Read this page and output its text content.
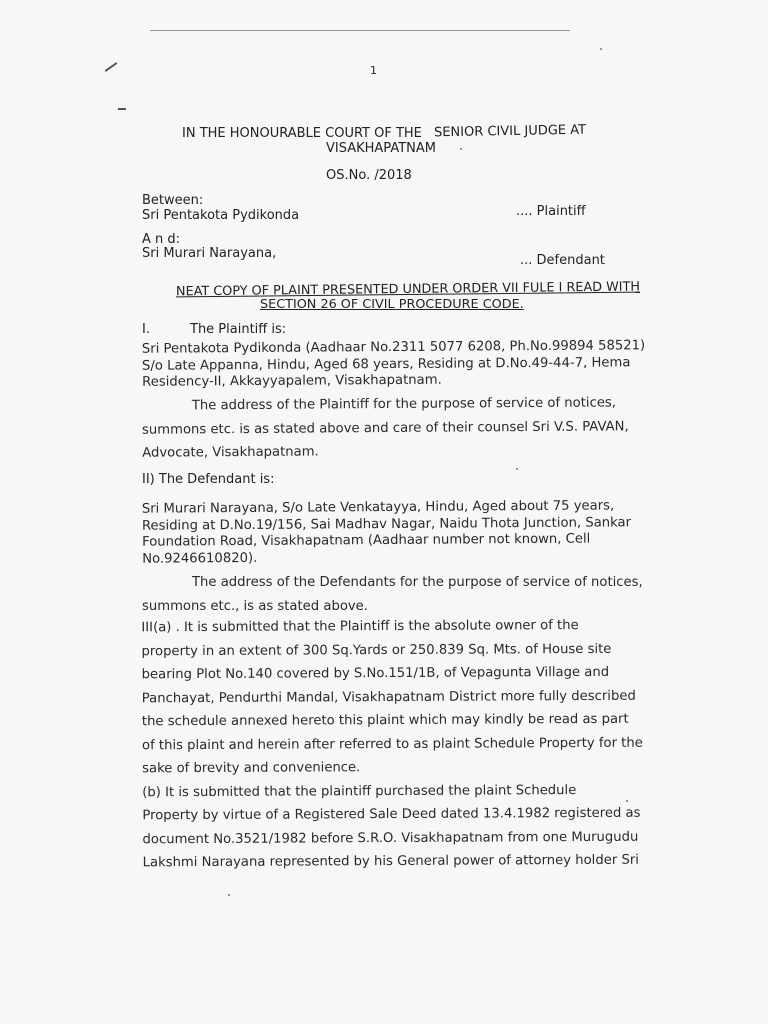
1
IN THE HONOURABLE COURT OF THE SENIOR CIVIL JUDGE AT
VISAKHAPATNAM
OS.No. /2018
Between:
Sri Pentakota Pydikonda	.... Plaintiff
A n d:
Sri Murari Narayana,	... Defendant
NEAT COPY OF PLAINT PRESENTED UNDER ORDER VII FULE I READ WITH
SECTION 26 OF CIVIL PROCEDURE CODE.
I.	The Plaintiff is:
Sri Pentakota Pydikonda (Aadhaar No.2311 5077 6208, Ph.No.99894 58521)
S/o Late Appanna, Hindu, Aged 68 years, Residing at D.No.49-44-7, Hema
Residency-II, Akkayyapalem, Visakhapatnam.
The address of the Plaintiff for the purpose of service of notices,
summons etc. is as stated above and care of their counsel Sri V.S. PAVAN,
Advocate, Visakhapatnam.
II) The Defendant is:
Sri Murari Narayana, S/o Late Venkatayya, Hindu, Aged about 75 years,
Residing at D.No.19/156, Sai Madhav Nagar, Naidu Thota Junction, Sankar
Foundation Road, Visakhapatnam (Aadhaar number not known, Cell
No.9246610820).
The address of the Defendants for the purpose of service of notices,
summons etc., is as stated above.
III(a) . It is submitted that the Plaintiff is the absolute owner of the
property in an extent of 300 Sq.Yards or 250.839 Sq. Mts. of House site
bearing Plot No.140 covered by S.No.151/1B, of Vepagunta Village and
Panchayat, Pendurthi Mandal, Visakhapatnam District more fully described
the schedule annexed hereto this plaint which may kindly be read as part
of this plaint and herein after referred to as plaint Schedule Property for the
sake of brevity and convenience.
(b) It is submitted that the plaintiff purchased the plaint Schedule
Property by virtue of a Registered Sale Deed dated 13.4.1982 registered as
document No.3521/1982 before S.R.O. Visakhapatnam from one Murugudu
Lakshmi Narayana represented by his General power of attorney holder Sri
